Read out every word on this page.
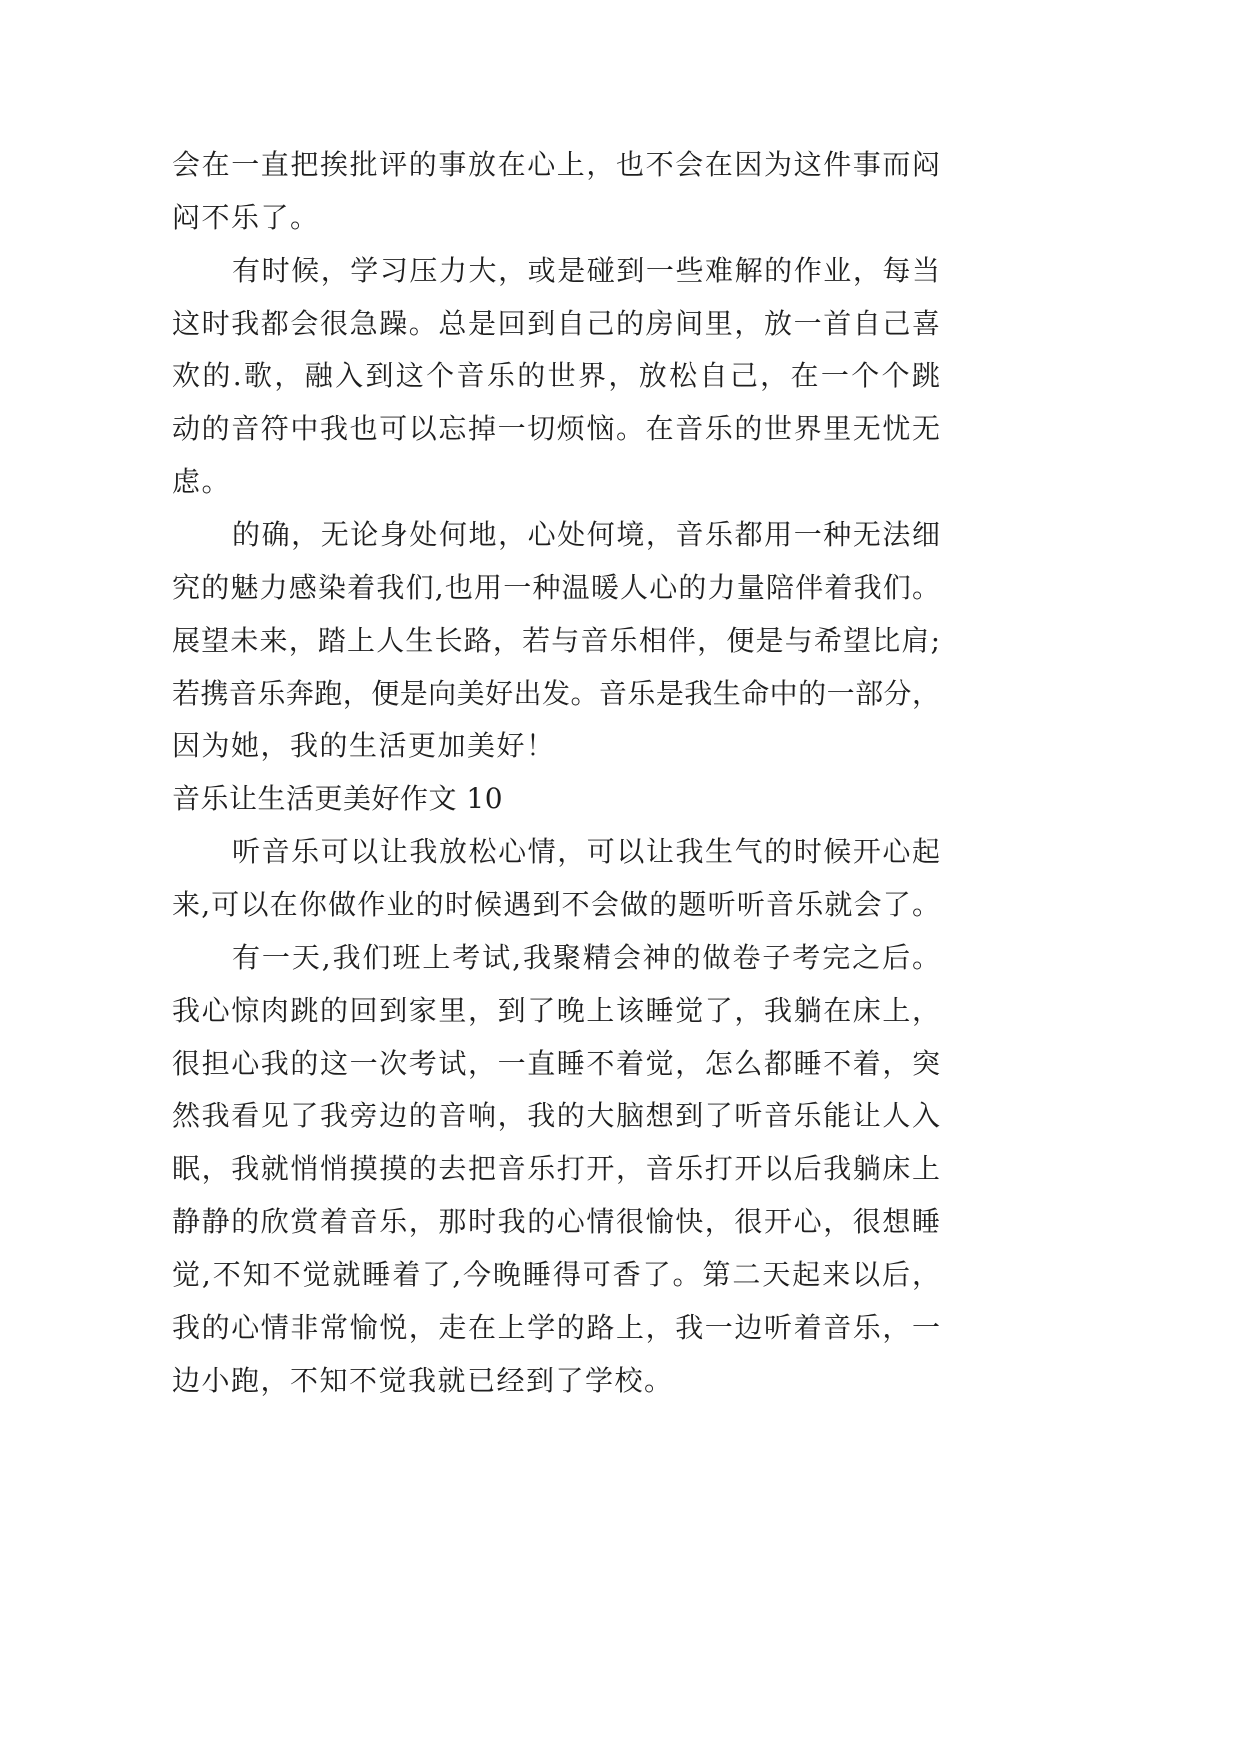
会在一直把挨批评的事放在心上，也不会在因为这件事而闷
闷不乐了。
有时候，学习压力大，或是碰到一些难解的作业，每当
这时我都会很急躁。总是回到自己的房间里，放一首自己喜
欢的.歌，融入到这个音乐的世界，放松自己，在一个个跳
动的音符中我也可以忘掉一切烦恼。在音乐的世界里无忧无
虑。
的确，无论身处何地，心处何境，音乐都用一种无法细
究的魅力感染着我们,也用一种温暖人心的力量陪伴着我们。
展望未来，踏上人生长路，若与音乐相伴，便是与希望比肩;
若携音乐奔跑，便是向美好出发。音乐是我生命中的一部分，
因为她，我的生活更加美好！
音乐让生活更美好作文 10
听音乐可以让我放松心情，可以让我生气的时候开心起
来,可以在你做作业的时候遇到不会做的题听听音乐就会了。
有一天,我们班上考试,我聚精会神的做卷子考完之后。
我心惊肉跳的回到家里，到了晚上该睡觉了，我躺在床上，
很担心我的这一次考试，一直睡不着觉，怎么都睡不着，突
然我看见了我旁边的音响，我的大脑想到了听音乐能让人入
眠，我就悄悄摸摸的去把音乐打开，音乐打开以后我躺床上
静静的欣赏着音乐，那时我的心情很愉快，很开心，很想睡
觉,不知不觉就睡着了,今晚睡得可香了。第二天起来以后，
我的心情非常愉悦，走在上学的路上，我一边听着音乐，一
边小跑，不知不觉我就已经到了学校。
